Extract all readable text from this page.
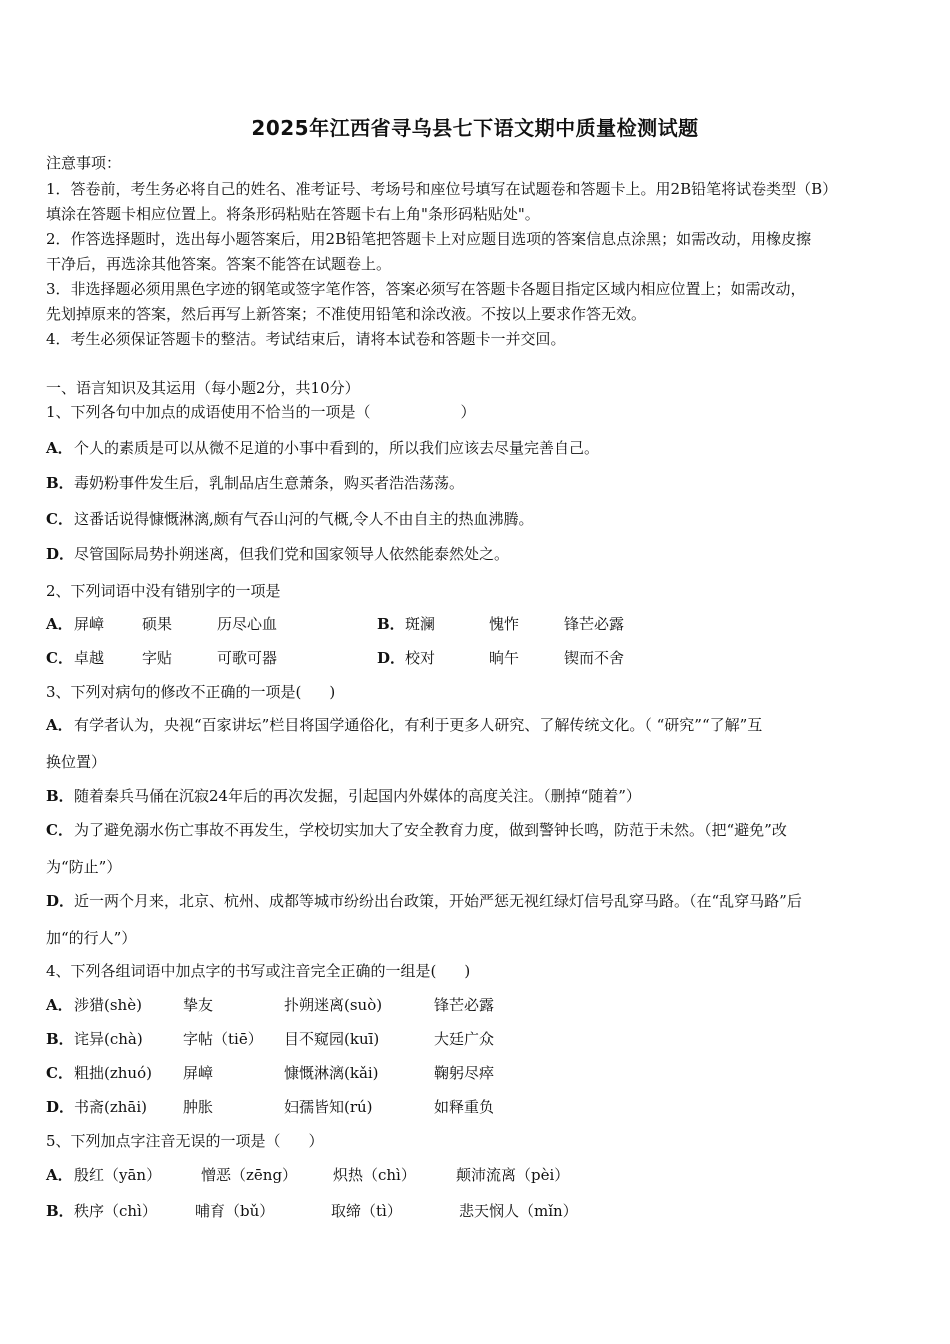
2025年江西省寻乌县七下语文期中质量检测试题
注意事项：
1．答卷前，考生务必将自己的姓名、准考证号、考场号和座位号填写在试题卷和答题卡上。用2B铅笔将试卷类型（B）
填涂在答题卡相应位置上。将条形码粘贴在答题卡右上角"条形码粘贴处"。
2．作答选择题时，选出每小题答案后，用2B铅笔把答题卡上对应题目选项的答案信息点涂黑；如需改动，用橡皮擦
干净后，再选涂其他答案。答案不能答在试题卷上。
3．非选择题必须用黑色字迹的钢笔或签字笔作答，答案必须写在答题卡各题目指定区域内相应位置上；如需改动，
先划掉原来的答案，然后再写上新答案；不准使用铅笔和涂改液。不按以上要求作答无效。
4．考生必须保证答题卡的整洁。考试结束后，请将本试卷和答题卡一并交回。
一、语言知识及其运用（每小题2分，共10分）
1、下列各句中加点的成语使用不恰当的一项是（	）
A．个人的素质是可以从微不足道的小事中看到的，所以我们应该去尽量完善自己。
B．毒奶粉事件发生后，乳制品店生意萧条，购买者浩浩荡荡。
C．这番话说得慷慨淋漓,颇有气吞山河的气概,令人不由自主的热血沸腾。
D．尽管国际局势扑朔迷离，但我们党和国家领导人依然能泰然处之。
2、下列词语中没有错别字的一项是
A． 屏嶂	硕果	历尽心血	B． 斑澜	愧怍	锋芒必露
C． 卓越	字贴	可歌可器	D． 校对	晌午	锲而不舍
3、下列对病句的修改不正确的一项是( )
A．有学者认为，央视“百家讲坛”栏目将国学通俗化，有利于更多人研究、了解传统文化。（ “研究”“了解”互
换位置）
B．随着秦兵马俑在沉寂24年后的再次发掘，引起国内外媒体的高度关注。（删掉“随着”）
C．为了避免溺水伤亡事故不再发生，学校切实加大了安全教育力度，做到警钟长鸣，防范于未然。（把“避免”改
为“防止”）
D．近一两个月来，北京、杭州、成都等城市纷纷出台政策，开始严惩无视红绿灯信号乱穿马路。（在“乱穿马路”后
加“的行人”）
4、下列各组词语中加点字的书写或注音完全正确的一组是( )
A． 涉猎(shè)	挚友	扑朔迷离(suò)	锋芒必露
B． 诧异(chà)	字帖（tiē） 目不窥园(kuī)	大廷广众
C． 粗拙(zhuó) 屏嶂	慷慨淋漓(kǎi)	鞠躬尽瘁
D． 书斋(zhāi) 肿胀	妇孺皆知(rú)	如释重负
5、下列加点字注音无误的一项是（ ）
A． 殷红（yān）	憎恶（zēng） 炽热（chì）	颠沛流离（pèi）
B． 秩序（chì）	哺育（bǔ）	取缔（tì）	悲天悯人（mǐn）
